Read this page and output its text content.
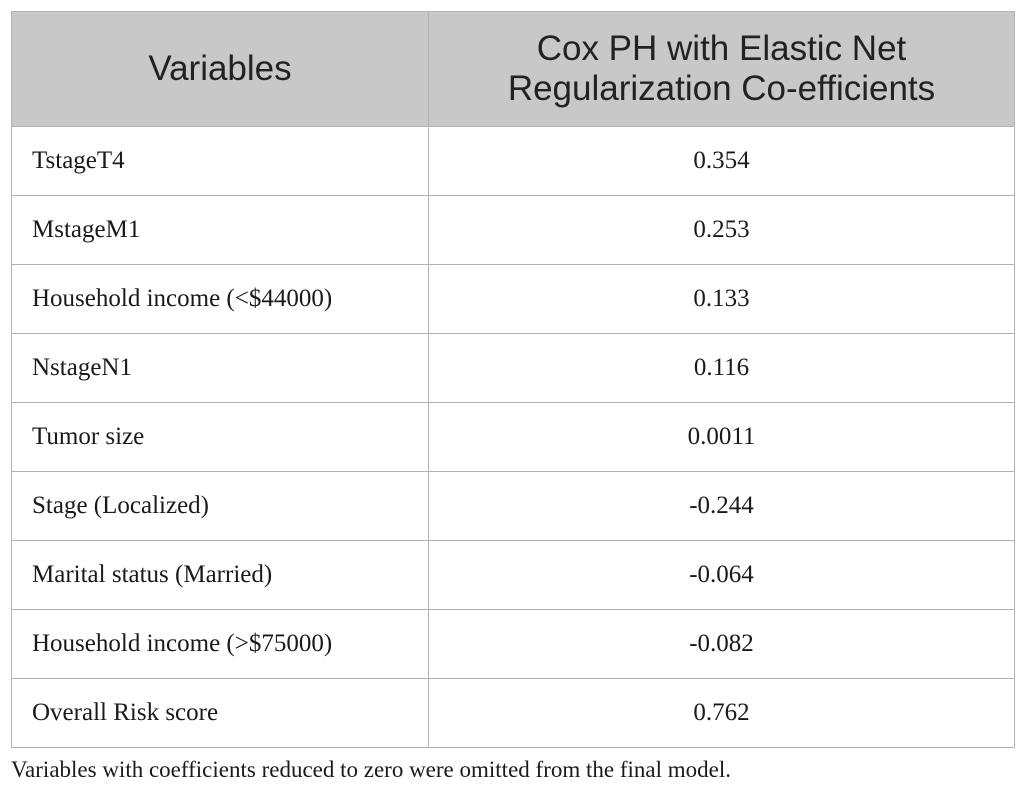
Variables	Cox PH with Elastic Net Regularization Co-efficients
TstageT4	0.354
MstageM1	0.253
Household income (<$44000)	0.133
NstageN1	0.116
Tumor size	0.0011
Stage (Localized)	-0.244
Marital status (Married)	-0.064
Household income (>$75000)	-0.082
Overall Risk score	0.762
Variables with coefficients reduced to zero were omitted from the final model.
